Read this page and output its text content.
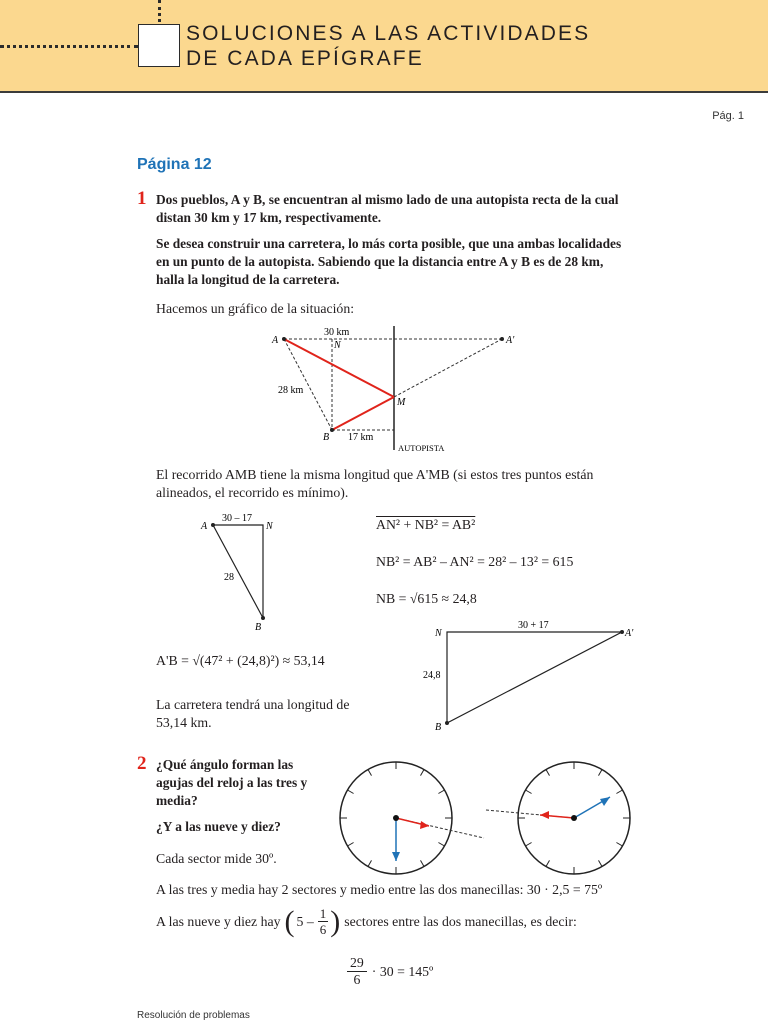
SOLUCIONES A LAS ACTIVIDADES
DE CADA EPÍGRAFE
Pág. 1
Página 12
1 Dos pueblos, A y B, se encuentran al mismo lado de una autopista recta de la cual distan 30 km y 17 km, respectivamente.
Se desea construir una carretera, lo más corta posible, que una ambas localidades en un punto de la autopista. Sabiendo que la distancia entre A y B es de 28 km, halla la longitud de la carretera.
Hacemos un gráfico de la situación:
A	N	A'
M
B
30 km
28 km
17 km
AUTOPISTA
El recorrido AMB tiene la misma longitud que A'MB (si estos tres puntos están alineados, el recorrido es mínimo).
A	N
B
30 – 17
28
AN² + NB² = AB²
NB² = AB² – AN² = 28² – 13² = 615
NB = √615 ≈ 24,8
A'B = √(47² + (24,8)²) ≈ 53,14
N	A'
B
30 + 17
24,8
La carretera tendrá una longitud de 53,14 km.
2 ¿Qué ángulo forman las agujas del reloj a las tres y media?
¿Y a las nueve y diez?
Cada sector mide 30º.
A las tres y media hay 2 sectores y medio entre las dos manecillas: 30 · 2,5 = 75º
A las nueve y diez hay ( $5 - \frac{1}{6}$ ) sectores entre las dos manecillas, es decir:
$\frac{29}{6} \cdot 30$ = 145º
Resolución de problemas
